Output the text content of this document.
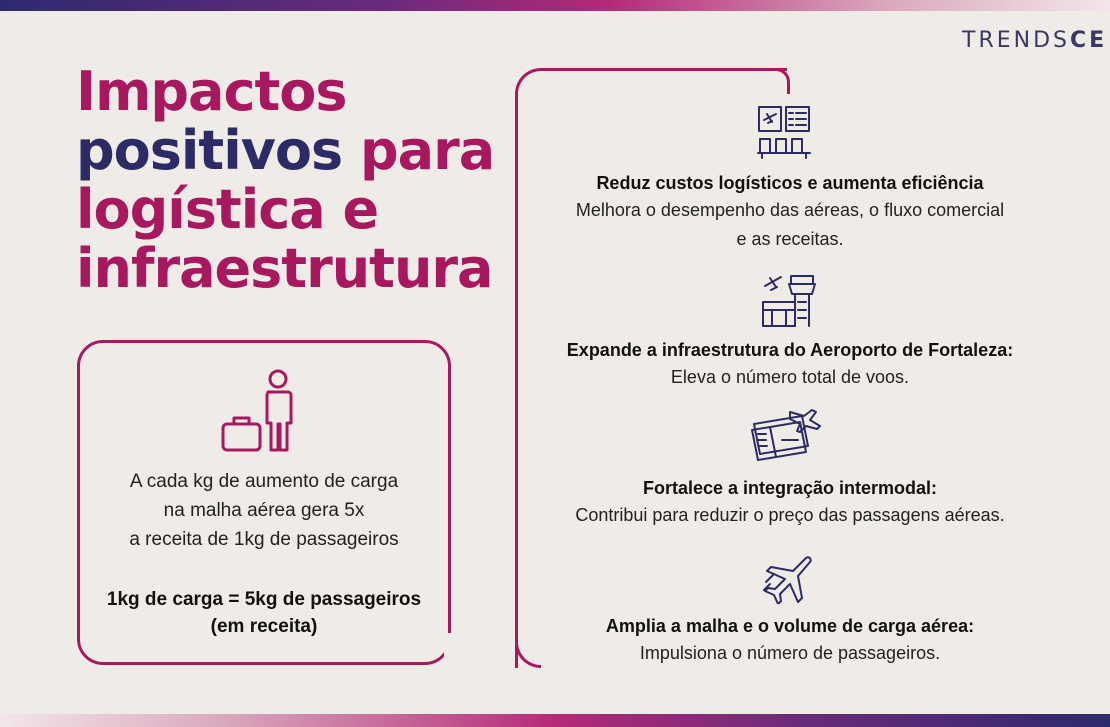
TRENDSCE
Impactos
positivos para
logística e
infraestrutura
A cada kg de aumento de carga
na malha aérea gera 5x
a receita de 1kg de passageiros
1kg de carga = 5kg de passageiros
(em receita)
Reduz custos logísticos e aumenta eficiência
Melhora o desempenho das aéreas, o fluxo comercial
e as receitas.
Expande a infraestrutura do Aeroporto de Fortaleza:
Eleva o número total de voos.
Fortalece a integração intermodal:
Contribui para reduzir o preço das passagens aéreas.
Amplia a malha e o volume de carga aérea:
Impulsiona o número de passageiros.
